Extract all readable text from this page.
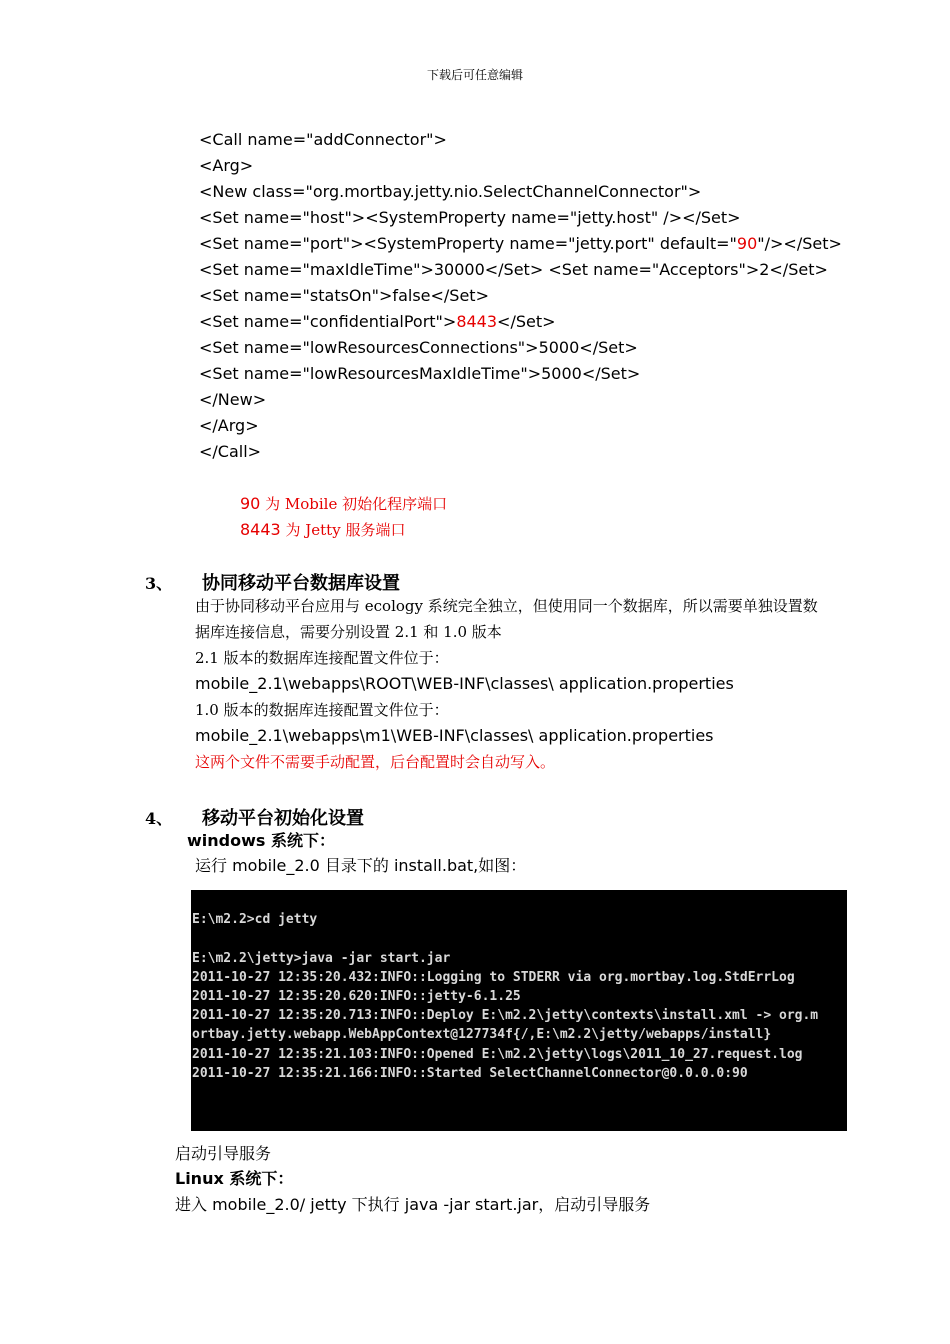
下载后可任意编辑
<Call name="addConnector">
<Arg>
<New class="org.mortbay.jetty.nio.SelectChannelConnector">
<Set name="host"><SystemProperty name="jetty.host" /></Set>
<Set name="port"><SystemProperty name="jetty.port" default="90"/></Set>
<Set name="maxIdleTime">30000</Set> <Set name="Acceptors">2</Set>
<Set name="statsOn">false</Set>
<Set name="confidentialPort">8443</Set>
<Set name="lowResourcesConnections">5000</Set>
<Set name="lowResourcesMaxIdleTime">5000</Set>
</New>
</Arg>
</Call>
90 为 Mobile 初始化程序端口
8443 为 Jetty 服务端口
3、 协同移动平台数据库设置
由于协同移动平台应用与 ecology 系统完全独立，但使用同一个数据库，所以需要单独设置数
据库连接信息，需要分别设置 2.1 和 1.0 版本
2.1 版本的数据库连接配置文件位于：
mobile_2.1\webapps\ROOT\WEB-INF\classes\ application.properties
1.0 版本的数据库连接配置文件位于：
mobile_2.1\webapps\m1\WEB-INF\classes\ application.properties
这两个文件不需要手动配置，后台配置时会自动写入。
4、 移动平台初始化设置
windows 系统下：
运行 mobile_2.0 目录下的 install.bat,如图：
E:\m2.2>cd jetty
E:\m2.2\jetty>java -jar start.jar
2011-10-27 12:35:20.432:INFO::Logging to STDERR via org.mortbay.log.StdErrLog
2011-10-27 12:35:20.620:INFO::jetty-6.1.25
2011-10-27 12:35:20.713:INFO::Deploy E:\m2.2\jetty\contexts\install.xml -> org.m
ortbay.jetty.webapp.WebAppContext@127734f{/,E:\m2.2\jetty/webapps/install}
2011-10-27 12:35:21.103:INFO::Opened E:\m2.2\jetty\logs\2011_10_27.request.log
2011-10-27 12:35:21.166:INFO::Started SelectChannelConnector@0.0.0.0:90
启动引导服务
Linux 系统下：
进入 mobile_2.0/ jetty 下执行 java -jar start.jar，启动引导服务
